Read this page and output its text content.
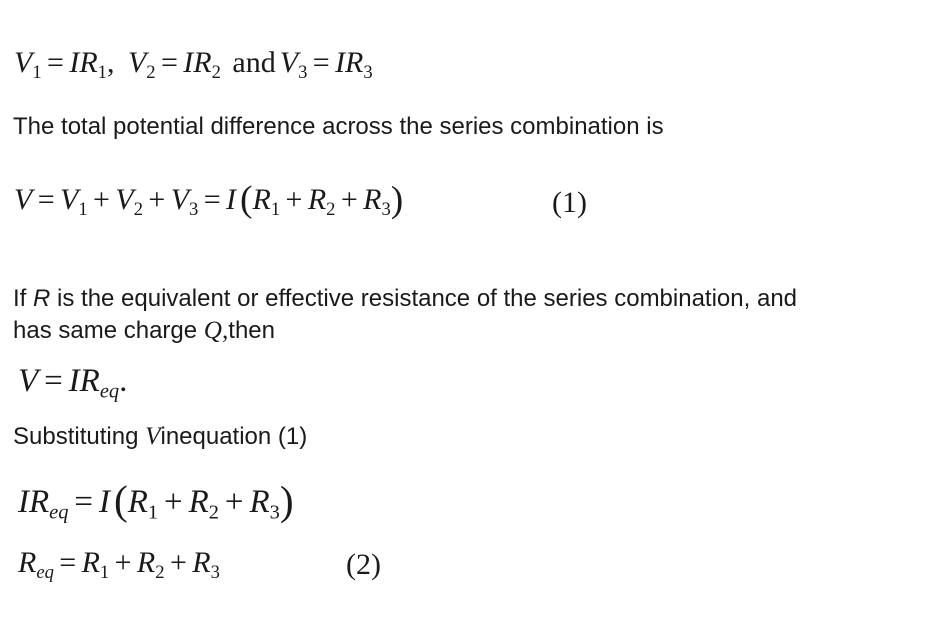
$V_1 = IR_1$, $V_2 = IR_2$ and $V_3 = IR_3$
The total potential difference across the series combination is
$V = V_1 + V_2 + V_3 = I$ $(R_1 + R_2 + R_3)$	(1)
If R is the equivalent or effective resistance of the series combination, and
has same charge Q,then
$V = IR_{eq}$.
Substituting Vinequation (1)
$IR_{eq} = I(R_1 + R_2 + R_3)$
$R_{eq} = R_1 + R_2 + R_3$	(2)
